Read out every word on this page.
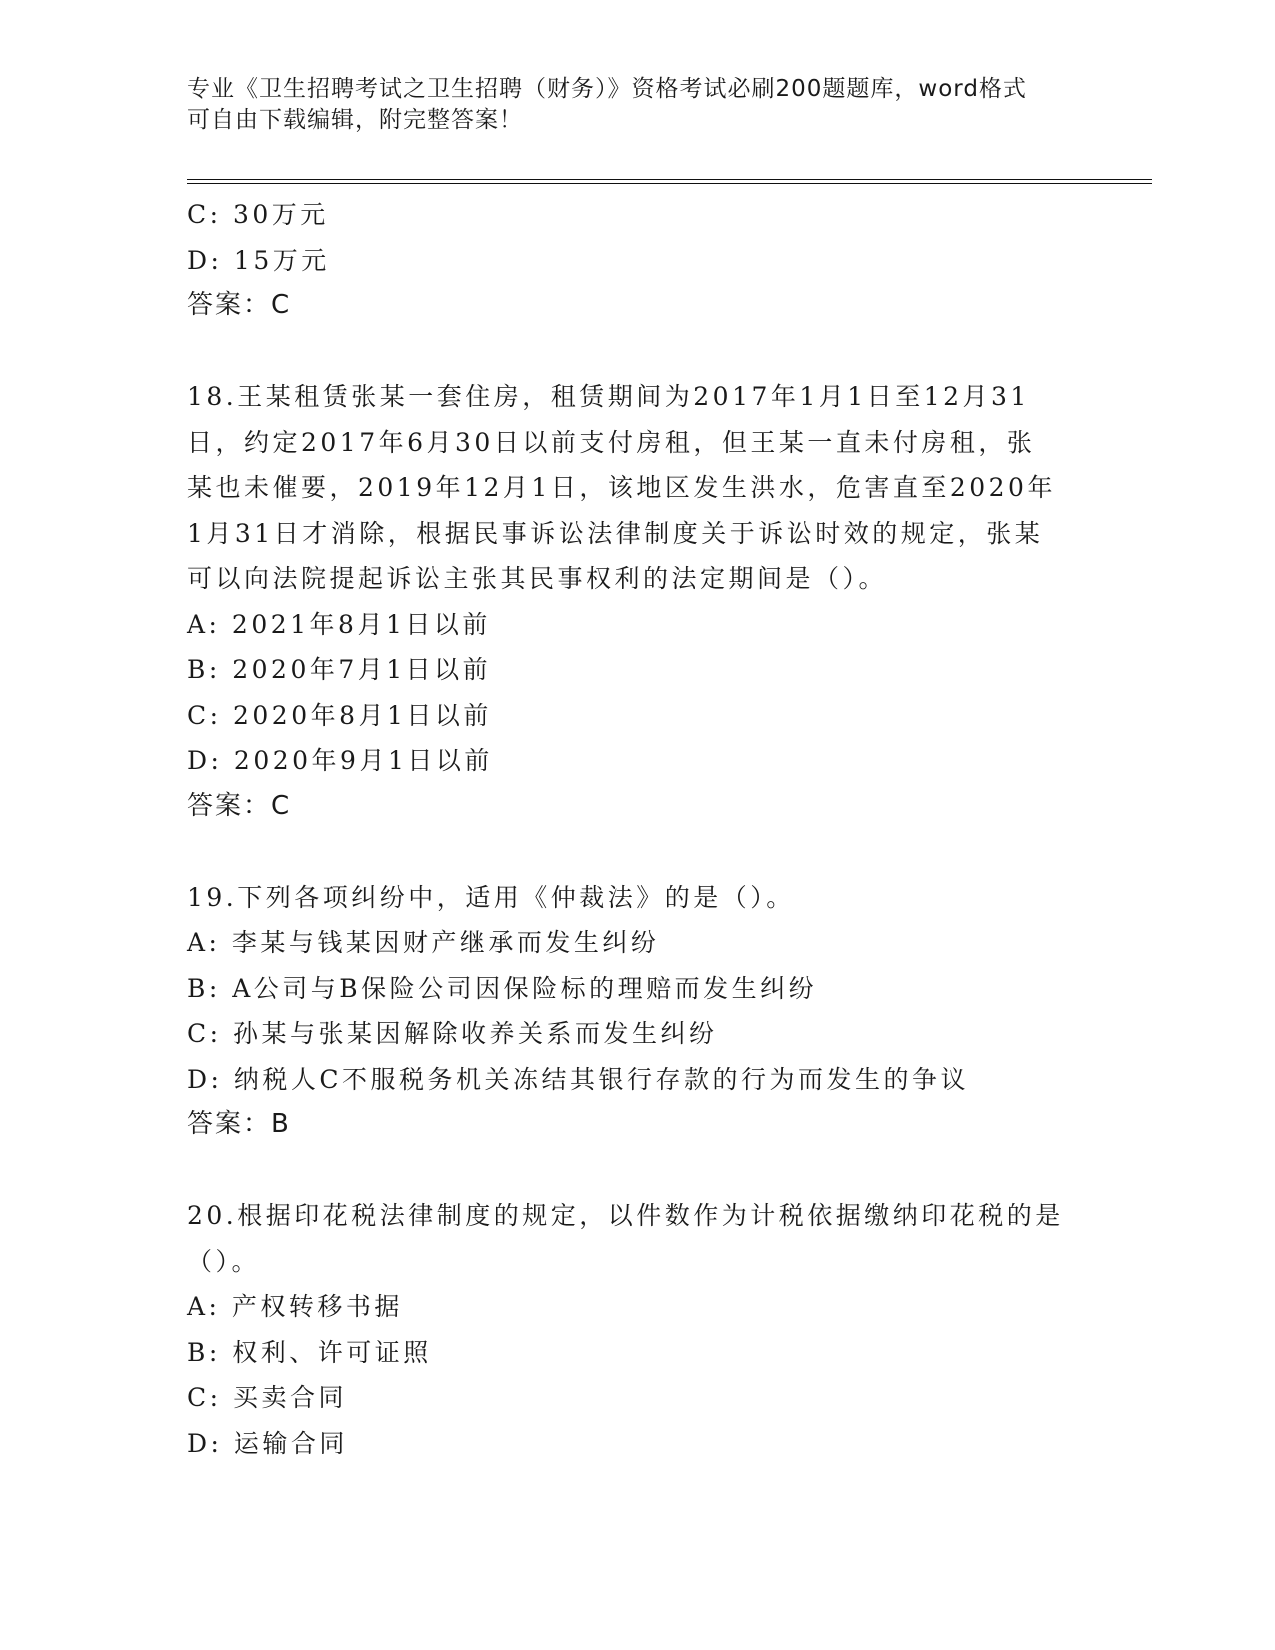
专业《卫生招聘考试之卫生招聘（财务）》资格考试必刷200题题库，word格式
可自由下载编辑，附完整答案！
C: 30万元
D: 15万元
答案：C
18.王某租赁张某一套住房，租赁期间为2017年1月1日至12月31
日，约定2017年6月30日以前支付房租，但王某一直未付房租，张
某也未催要，2019年12月1日，该地区发生洪水，危害直至2020年
1月31日才消除，根据民事诉讼法律制度关于诉讼时效的规定，张某
可以向法院提起诉讼主张其民事权利的法定期间是（）。
A: 2021年8月1日以前
B: 2020年7月1日以前
C: 2020年8月1日以前
D: 2020年9月1日以前
答案：C
19.下列各项纠纷中，适用《仲裁法》的是（）。
A: 李某与钱某因财产继承而发生纠纷
B: A公司与B保险公司因保险标的理赔而发生纠纷
C: 孙某与张某因解除收养关系而发生纠纷
D: 纳税人C不服税务机关冻结其银行存款的行为而发生的争议
答案：B
20.根据印花税法律制度的规定，以件数作为计税依据缴纳印花税的是
（）。
A: 产权转移书据
B: 权利、许可证照
C: 买卖合同
D: 运输合同
